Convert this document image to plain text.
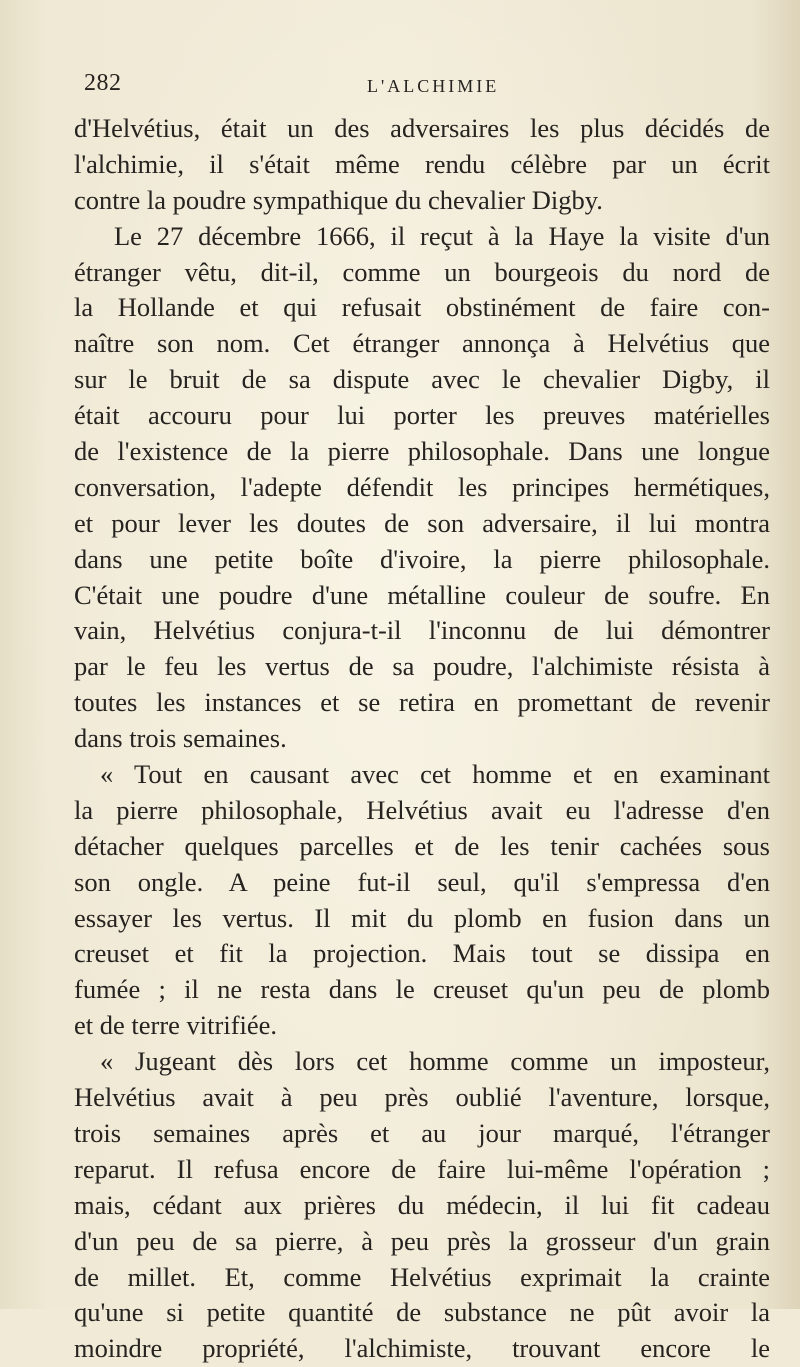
282	L'ALCHIMIE
d'Helvétius, était un des adversaires les plus décidés de
l'alchimie, il s'était même rendu célèbre par un écrit
contre la poudre sympathique du chevalier Digby.
Le 27 décembre 1666, il reçut à la Haye la visite d'un
étranger vêtu, dit-il, comme un bourgeois du nord de
la Hollande et qui refusait obstinément de faire con-
naître son nom. Cet étranger annonça à Helvétius que
sur le bruit de sa dispute avec le chevalier Digby, il
était accouru pour lui porter les preuves matérielles
de l'existence de la pierre philosophale. Dans une longue
conversation, l'adepte défendit les principes hermétiques,
et pour lever les doutes de son adversaire, il lui montra
dans une petite boîte d'ivoire, la pierre philosophale.
C'était une poudre d'une métalline couleur de soufre. En
vain, Helvétius conjura-t-il l'inconnu de lui démontrer
par le feu les vertus de sa poudre, l'alchimiste résista à
toutes les instances et se retira en promettant de revenir
dans trois semaines.
« Tout en causant avec cet homme et en examinant
la pierre philosophale, Helvétius avait eu l'adresse d'en
détacher quelques parcelles et de les tenir cachées sous
son ongle. A peine fut-il seul, qu'il s'empressa d'en
essayer les vertus. Il mit du plomb en fusion dans un
creuset et fit la projection. Mais tout se dissipa en
fumée ; il ne resta dans le creuset qu'un peu de plomb
et de terre vitrifiée.
« Jugeant dès lors cet homme comme un imposteur,
Helvétius avait à peu près oublié l'aventure, lorsque,
trois semaines après et au jour marqué, l'étranger
reparut. Il refusa encore de faire lui-même l'opération ;
mais, cédant aux prières du médecin, il lui fit cadeau
d'un peu de sa pierre, à peu près la grosseur d'un grain
de millet. Et, comme Helvétius exprimait la crainte
qu'une si petite quantité de substance ne pût avoir la
moindre propriété, l'alchimiste, trouvant encore le
